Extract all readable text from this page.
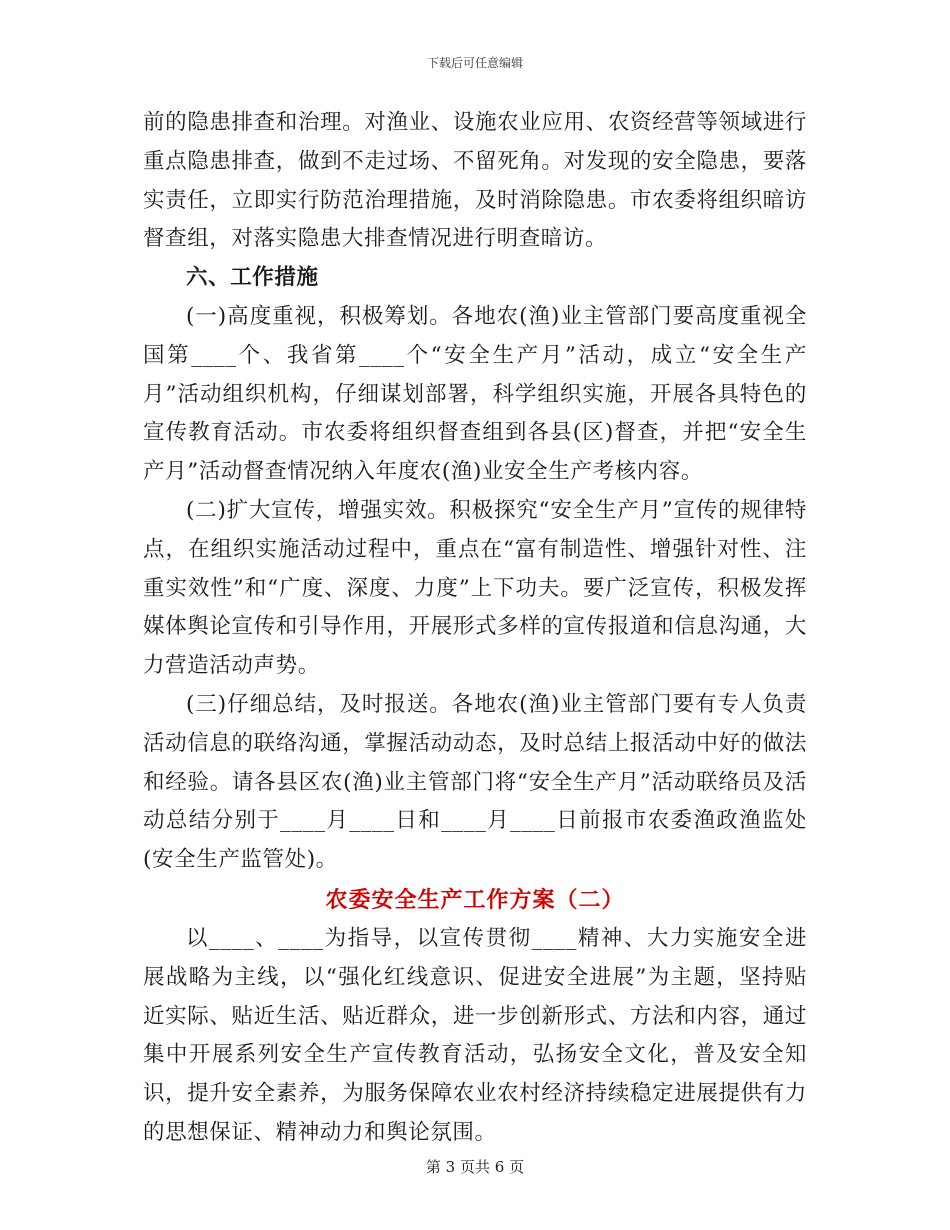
下载后可任意编辑

前的隐患排查和治理。对渔业、设施农业应用、农资经营等领域进行重点隐患排查，做到不走过场、不留死角。对发现的安全隐患，要落实责任，立即实行防范治理措施，及时消除隐患。市农委将组织暗访督查组，对落实隐患大排查情况进行明查暗访。

六、工作措施

(一)高度重视，积极筹划。各地农(渔)业主管部门要高度重视全国第____个、我省第____个“安全生产月”活动，成立“安全生产月”活动组织机构，仔细谋划部署，科学组织实施，开展各具特色的宣传教育活动。市农委将组织督查组到各县(区)督查，并把“安全生产月”活动督查情况纳入年度农(渔)业安全生产考核内容。

(二)扩大宣传，增强实效。积极探究“安全生产月”宣传的规律特点，在组织实施活动过程中，重点在“富有制造性、增强针对性、注重实效性”和“广度、深度、力度”上下功夫。要广泛宣传，积极发挥媒体舆论宣传和引导作用，开展形式多样的宣传报道和信息沟通，大力营造活动声势。

(三)仔细总结，及时报送。各地农(渔)业主管部门要有专人负责活动信息的联络沟通，掌握活动动态，及时总结上报活动中好的做法和经验。请各县区农(渔)业主管部门将“安全生产月”活动联络员及活动总结分别于____月____日和____月____日前报市农委渔政渔监处(安全生产监管处)。

农委安全生产工作方案（二）

以____、____为指导，以宣传贯彻____精神、大力实施安全进展战略为主线，以“强化红线意识、促进安全进展”为主题，坚持贴近实际、贴近生活、贴近群众，进一步创新形式、方法和内容，通过集中开展系列安全生产宣传教育活动，弘扬安全文化，普及安全知识，提升安全素养，为服务保障农业农村经济持续稳定进展提供有力的思想保证、精神动力和舆论氛围。

第 3 页共 6 页
